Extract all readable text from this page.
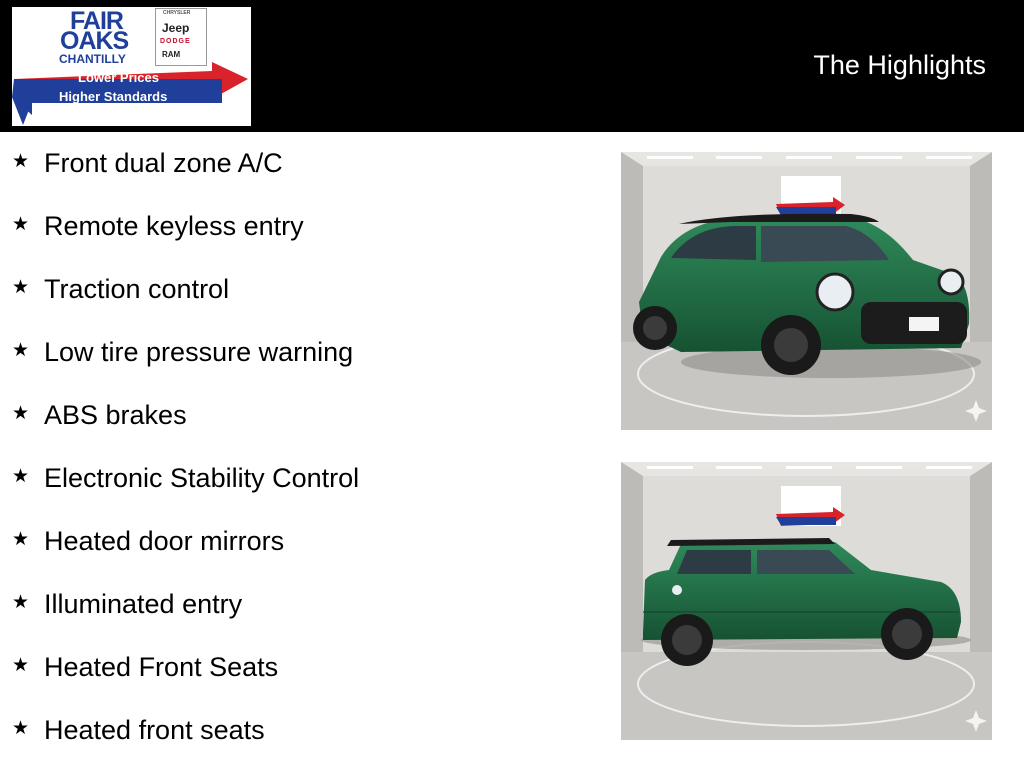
FAIR
OAKS
CHANTILLY
CHRYSLER
Jeep
DODGE
RAM
Lower Prices
Higher Standards
The Highlights
★ Front dual zone A/C
★ Remote keyless entry
★ Traction control
★ Low tire pressure warning
★ ABS brakes
★ Electronic Stability Control
★ Heated door mirrors
★ Illuminated entry
★ Heated Front Seats
★ Heated front seats
